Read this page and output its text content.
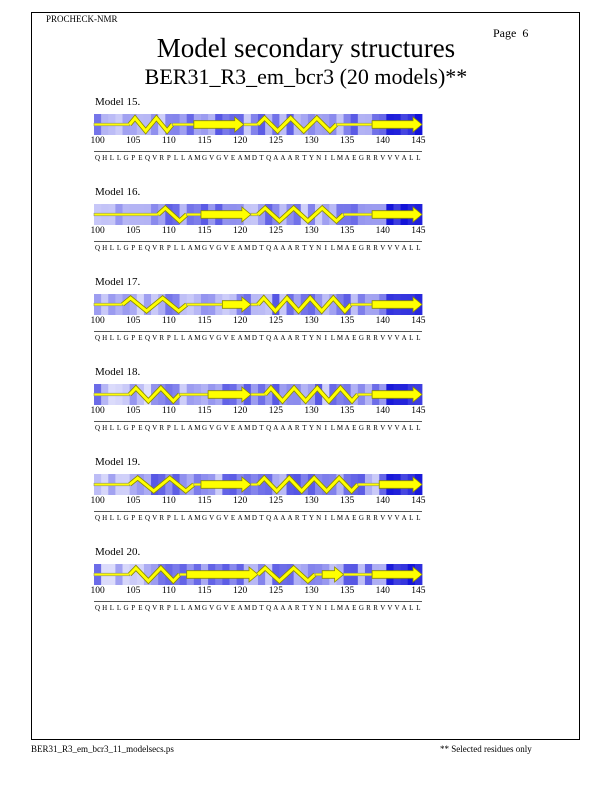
PROCHECK-NMR
Page 6
Model secondary structures
BER31_R3_em_bcr3 (20 models)**
Model 15.
100 105 110 115 120 125 130 135 140 145
Q H L L G P E Q V R P L L A M G V G V E A M D T Q A A A R T Y N I L M A E G R R V V V A L L
Model 16.
100 105 110 115 120 125 130 135 140 145
Q H L L G P E Q V R P L L A M G V G V E A M D T Q A A A R T Y N I L M A E G R R V V V A L L
Model 17.
100 105 110 115 120 125 130 135 140 145
Q H L L G P E Q V R P L L A M G V G V E A M D T Q A A A R T Y N I L M A E G R R V V V A L L
Model 18.
100 105 110 115 120 125 130 135 140 145
Q H L L G P E Q V R P L L A M G V G V E A M D T Q A A A R T Y N I L M A E G R R V V V A L L
Model 19.
100 105 110 115 120 125 130 135 140 145
Q H L L G P E Q V R P L L A M G V G V E A M D T Q A A A R T Y N I L M A E G R R V V V A L L
Model 20.
100 105 110 115 120 125 130 135 140 145
Q H L L G P E Q V R P L L A M G V G V E A M D T Q A A A R T Y N I L M A E G R R V V V A L L
BER31_R3_em_bcr3_11_modelsecs.ps	** Selected residues only
